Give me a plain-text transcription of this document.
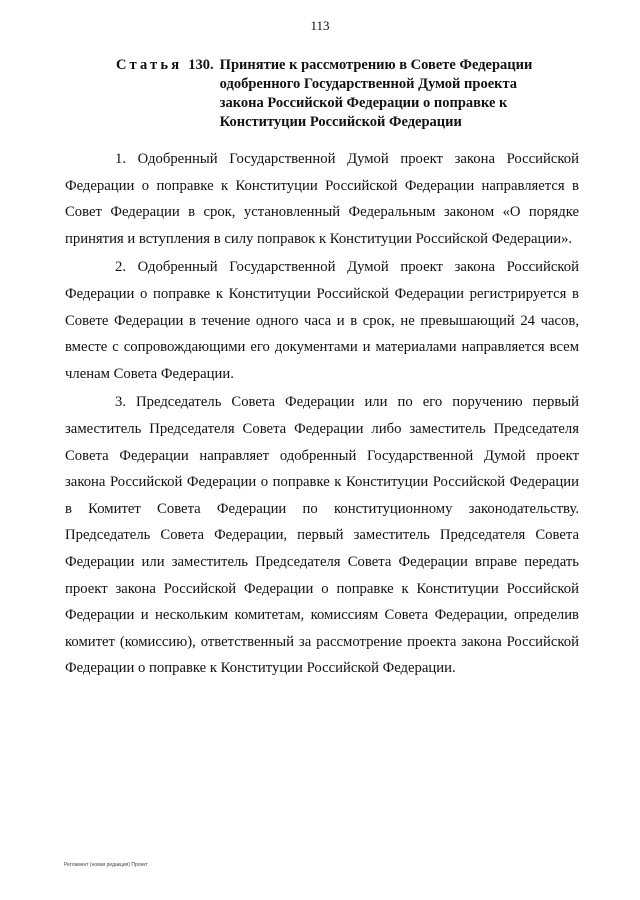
113
Статья 130. Принятие к рассмотрению в Совете Федерации одобренного Государственной Думой проекта закона Российской Федерации о поправке к Конституции Российской Федерации

1. Одобренный Государственной Думой проект закона Российской Федерации о поправке к Конституции Российской Федерации направляется в Совет Федерации в срок, установленный Федеральным законом «О порядке принятия и вступления в силу поправок к Конституции Российской Федерации».

2. Одобренный Государственной Думой проект закона Российской Федерации о поправке к Конституции Российской Федерации регистрируется в Совете Федерации в течение одного часа и в срок, не превышающий 24 часов, вместе с сопровождающими его документами и материалами направляется всем членам Совета Федерации.

3. Председатель Совета Федерации или по его поручению первый заместитель Председателя Совета Федерации либо заместитель Председателя Совета Федерации направляет одобренный Государственной Думой проект закона Российской Федерации о поправке к Конституции Российской Федерации в Комитет Совета Федерации по конституционному законодательству. Председатель Совета Федерации, первый заместитель Председателя Совета Федерации или заместитель Председателя Совета Федерации вправе передать проект закона Российской Федерации о поправке к Конституции Российской Федерации и нескольким комитетам, комиссиям Совета Федерации, определив комитет (комиссию), ответственный за рассмотрение проекта закона Российской Федерации о поправке к Конституции Российской Федерации.

Регламент (новая редакция) Проект
